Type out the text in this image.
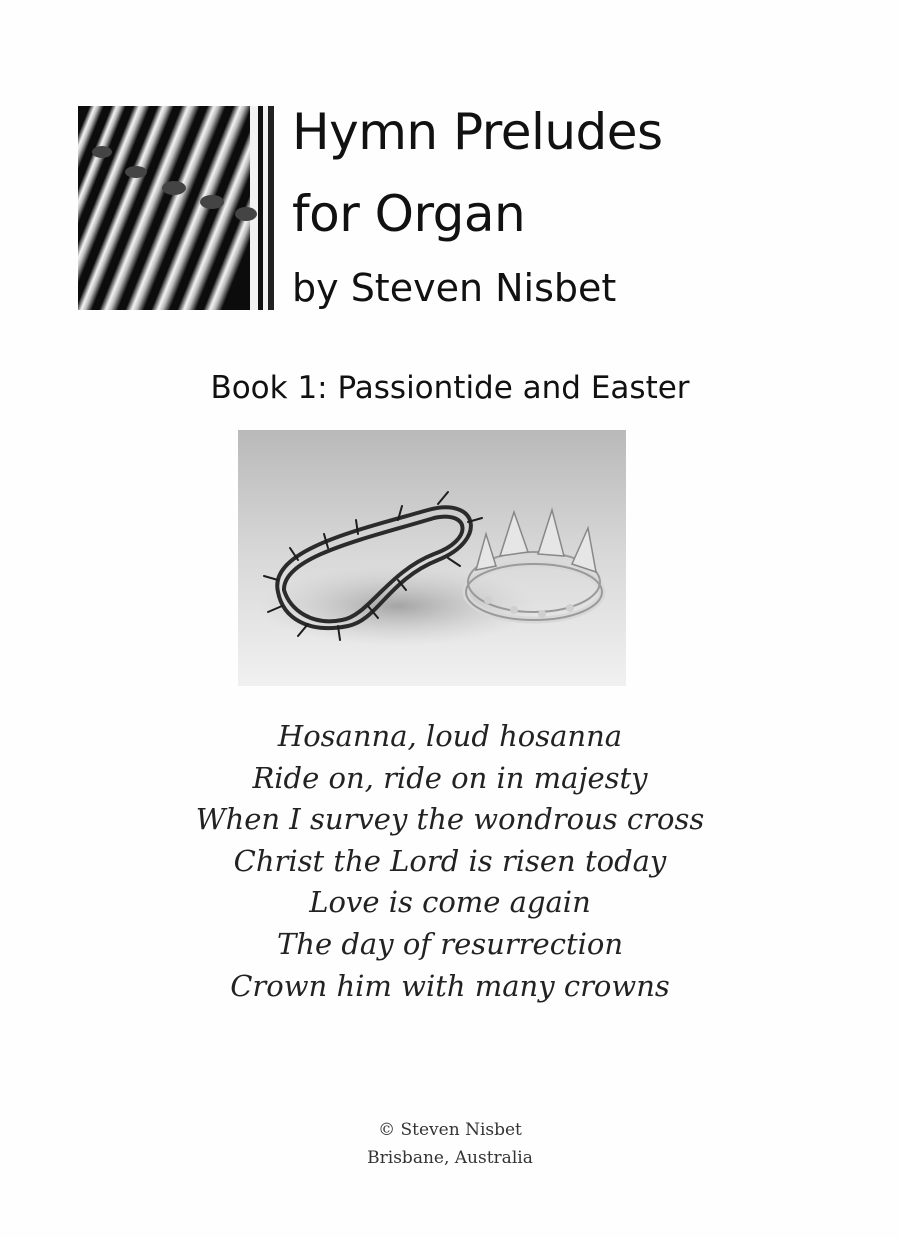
Hymn Preludes
for Organ
by Steven Nisbet
Book 1: Passiontide and Easter
Hosanna, loud hosanna
Ride on, ride on in majesty
When I survey the wondrous cross
Christ the Lord is risen today
Love is come again
The day of resurrection
Crown him with many crowns
© Steven Nisbet
Brisbane, Australia
